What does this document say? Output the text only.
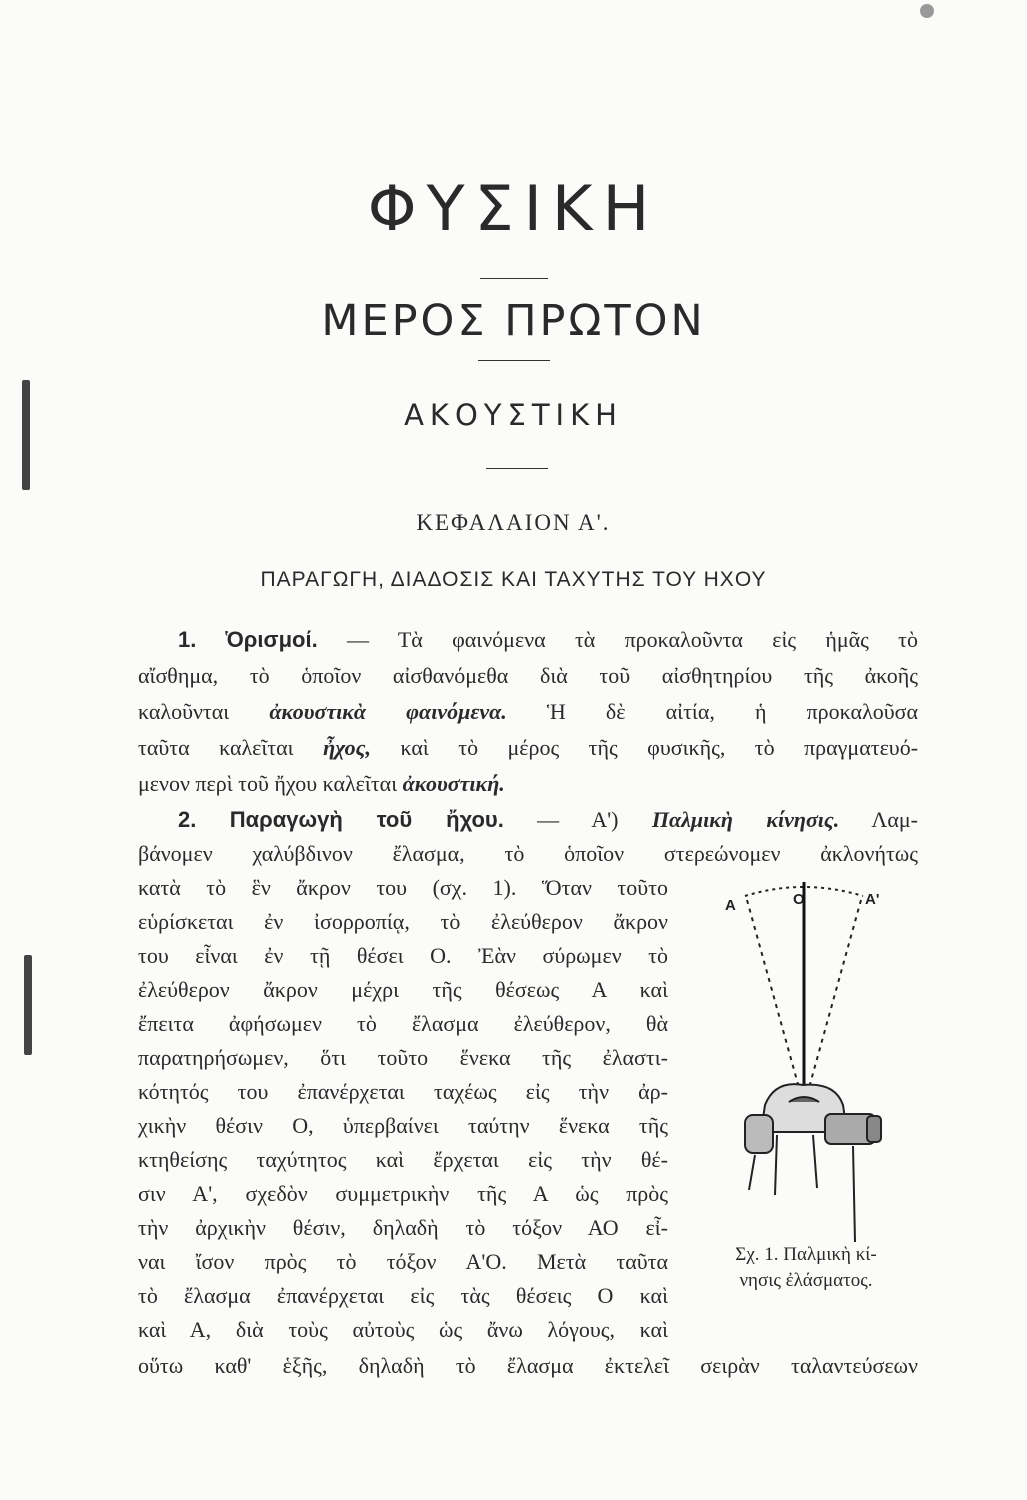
ΦΥΣΙΚΗ
ΜΕΡΟΣ ΠΡΩΤΟΝ
ΑΚΟΥΣΤΙΚΗ
ΚΕΦΑΛΑΙΟΝ Α'.
ΠΑΡΑΓΩΓΗ, ΔΙΑΔΟΣΙΣ ΚΑΙ ΤΑΧΥΤΗΣ ΤΟΥ ΗΧΟΥ
1. Ὁρισμοί. — Τὰ φαινόμενα τὰ προκαλοῦντα εἰς ἡμᾶς τὸ
αἴσθημα, τὸ ὁποῖον αἰσθανόμεθα διὰ τοῦ αἰσθητηρίου τῆς ἀκοῆς
καλοῦνται ἀκουστικὰ φαινόμενα. Ἡ δὲ αἰτία, ἡ προκαλοῦσα
ταῦτα καλεῖται ἦχος, καὶ τὸ μέρος τῆς φυσικῆς, τὸ πραγματευό-
μενον περὶ τοῦ ἤχου καλεῖται ἀκουστική.
2. Παραγωγὴ τοῦ ἤχου. — Α') Παλμικὴ κίνησις. Λαμ-
βάνομεν χαλύβδινον ἔλασμα, τὸ ὁποῖον στερεώνομεν ἀκλονήτως
κατὰ τὸ ἓν ἄκρον του (σχ. 1). Ὅταν τοῦτο
εὑρίσκεται ἐν ἰσορροπίᾳ, τὸ ἐλεύθερον ἄκρον
του εἶναι ἐν τῇ θέσει Ο. Ἐὰν σύρωμεν τὸ
ἐλεύθερον ἄκρον μέχρι τῆς θέσεως Α καὶ
ἔπειτα ἀφήσωμεν τὸ ἔλασμα ἐλεύθερον, θὰ
παρατηρήσωμεν, ὅτι τοῦτο ἕνεκα τῆς ἐλαστι-
κότητός του ἐπανέρχεται ταχέως εἰς τὴν ἀρ-
χικὴν θέσιν Ο, ὑπερβαίνει ταύτην ἕνεκα τῆς
κτηθείσης ταχύτητος καὶ ἔρχεται εἰς τὴν θέ-
σιν Α', σχεδὸν συμμετρικὴν τῆς Α ὡς πρὸς
τὴν ἀρχικὴν θέσιν, δηλαδὴ τὸ τόξον ΑΟ εἶ-
ναι ἴσον πρὸς τὸ τόξον Α'Ο. Μετὰ ταῦτα
τὸ ἔλασμα ἐπανέρχεται εἰς τὰς θέσεις Ο καὶ
καὶ Α, διὰ τοὺς αὐτοὺς ὡς ἄνω λόγους, καὶ
οὕτω καθ' ἑξῆς, δηλαδὴ τὸ ἔλασμα ἐκτελεῖ σειρὰν ταλαντεύσεων
Α	Ο	Α'
Σχ. 1. Παλμικὴ κί-
νησις ἐλάσματος.
